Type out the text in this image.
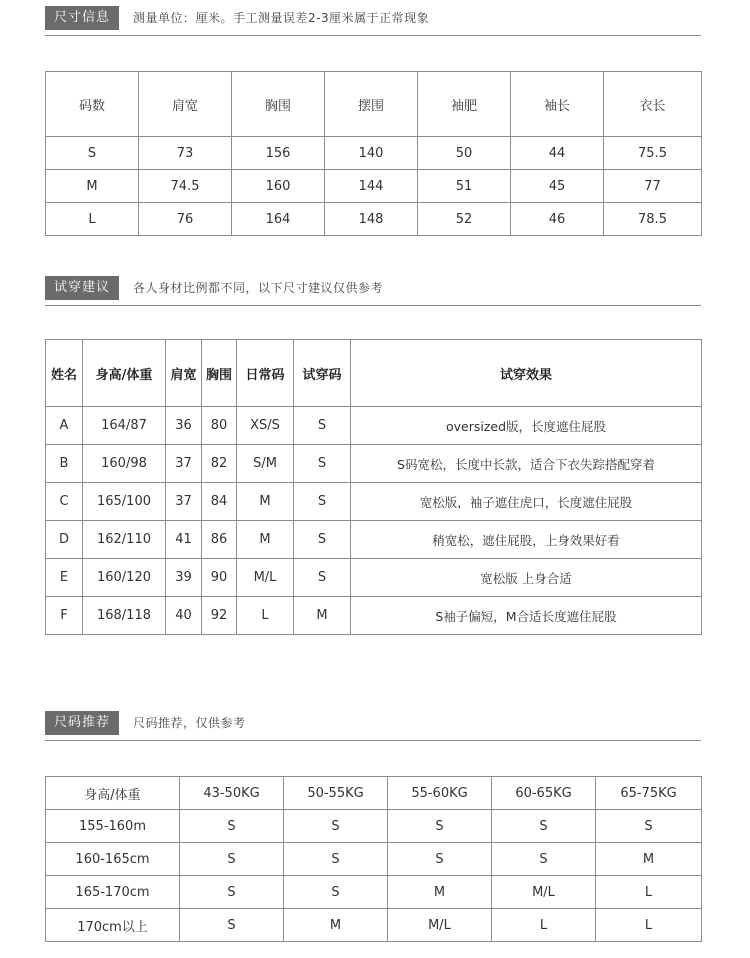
尺寸信息	测量单位：厘米。手工测量误差2-3厘米属于正常现象
码数	肩宽	胸围	摆围	袖肥	袖长	衣长
S	73	156	140	50	44	75.5
M	74.5	160	144	51	45	77
L	76	164	148	52	46	78.5
试穿建议	各人身材比例都不同，以下尺寸建议仅供参考
姓名	身高/体重	肩宽	胸围	日常码	试穿码	试穿效果
A	164/87	36	80	XS/S	S	oversized版，长度遮住屁股
B	160/98	37	82	S/M	S	S码宽松，长度中长款，适合下衣失踪搭配穿着
C	165/100	37	84	M	S	宽松版，袖子遮住虎口，长度遮住屁股
D	162/110	41	86	M	S	稍宽松，遮住屁股，上身效果好看
E	160/120	39	90	M/L	S	宽松版 上身合适
F	168/118	40	92	L	M	S袖子偏短，M合适长度遮住屁股
尺码推荐	尺码推荐，仅供参考
身高/体重	43-50KG	50-55KG	55-60KG	60-65KG	65-75KG
155-160m	S	S	S	S	S
160-165cm	S	S	S	S	M
165-170cm	S	S	M	M/L	L
170cm以上	S	M	M/L	L	L
